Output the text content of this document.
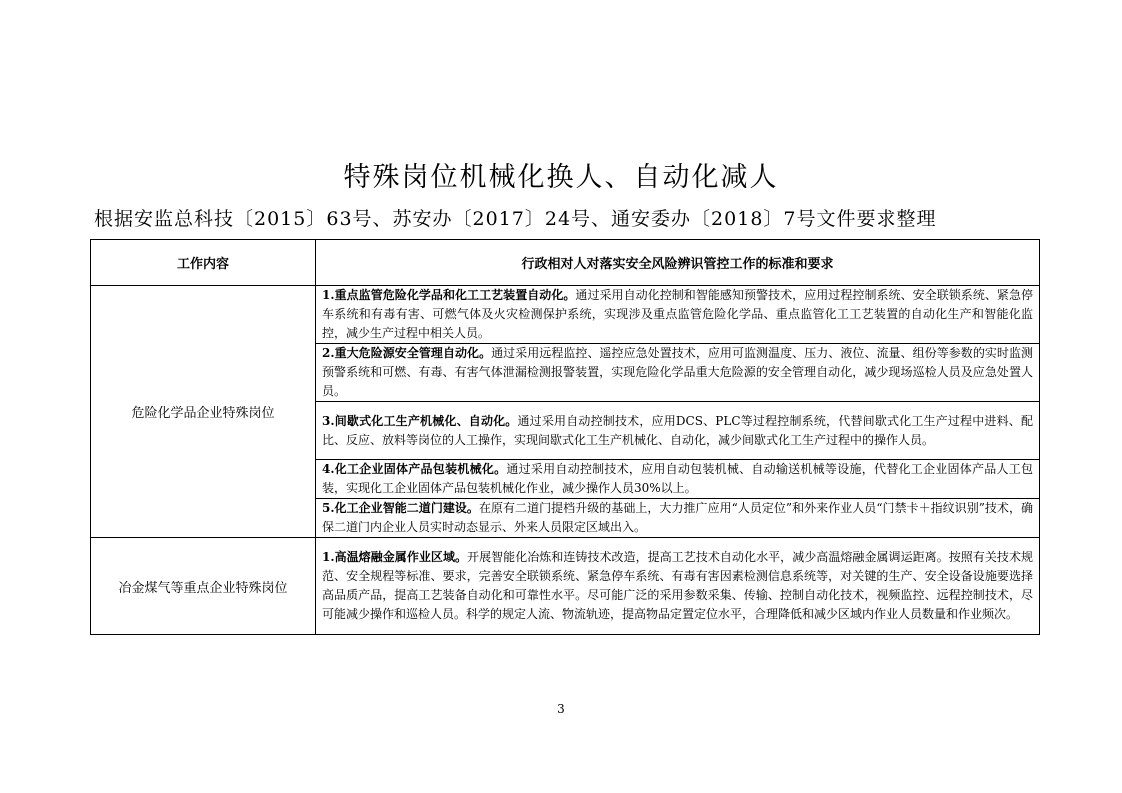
特殊岗位机械化换人、自动化减人
根据安监总科技〔2015〕63号、苏安办〔2017〕24号、通安委办〔2018〕7号文件要求整理
工作内容	行政相对人对落实安全风险辨识管控工作的标准和要求
危险化学品企业特殊岗位	1.重点监管危险化学品和化工工艺装置自动化。通过采用自动化控制和智能感知预警技术，应用过程控制系统、安全联锁系统、紧急停车系统和有毒有害、可燃气体及火灾检测保护系统，实现涉及重点监管危险化学品、重点监管化工工艺装置的自动化生产和智能化监控，减少生产过程中相关人员。
	2.重大危险源安全管理自动化。通过采用远程监控、遥控应急处置技术，应用可监测温度、压力、液位、流量、组份等参数的实时监测预警系统和可燃、有毒、有害气体泄漏检测报警装置，实现危险化学品重大危险源的安全管理自动化，减少现场巡检人员及应急处置人员。
	3.间歇式化工生产机械化、自动化。通过采用自动控制技术，应用DCS、PLC等过程控制系统，代替间歇式化工生产过程中进料、配比、反应、放料等岗位的人工操作，实现间歇式化工生产机械化、自动化，减少间歇式化工生产过程中的操作人员。
	4.化工企业固体产品包装机械化。通过采用自动控制技术，应用自动包装机械、自动输送机械等设施，代替化工企业固体产品人工包装，实现化工企业固体产品包装机械化作业，减少操作人员30%以上。
	5.化工企业智能二道门建设。在原有二道门提档升级的基础上，大力推广应用“人员定位”和外来作业人员“门禁卡＋指纹识别”技术，确保二道门内企业人员实时动态显示、外来人员限定区域出入。
冶金煤气等重点企业特殊岗位	1.高温熔融金属作业区域。开展智能化冶炼和连铸技术改造，提高工艺技术自动化水平，减少高温熔融金属调运距离。按照有关技术规范、安全规程等标准、要求，完善安全联锁系统、紧急停车系统、有毒有害因素检测信息系统等，对关键的生产、安全设备设施要选择高品质产品，提高工艺装备自动化和可靠性水平。尽可能广泛的采用参数采集、传输、控制自动化技术，视频监控、远程控制技术，尽可能减少操作和巡检人员。科学的规定人流、物流轨迹，提高物品定置定位水平，合理降低和减少区域内作业人员数量和作业频次。
3
